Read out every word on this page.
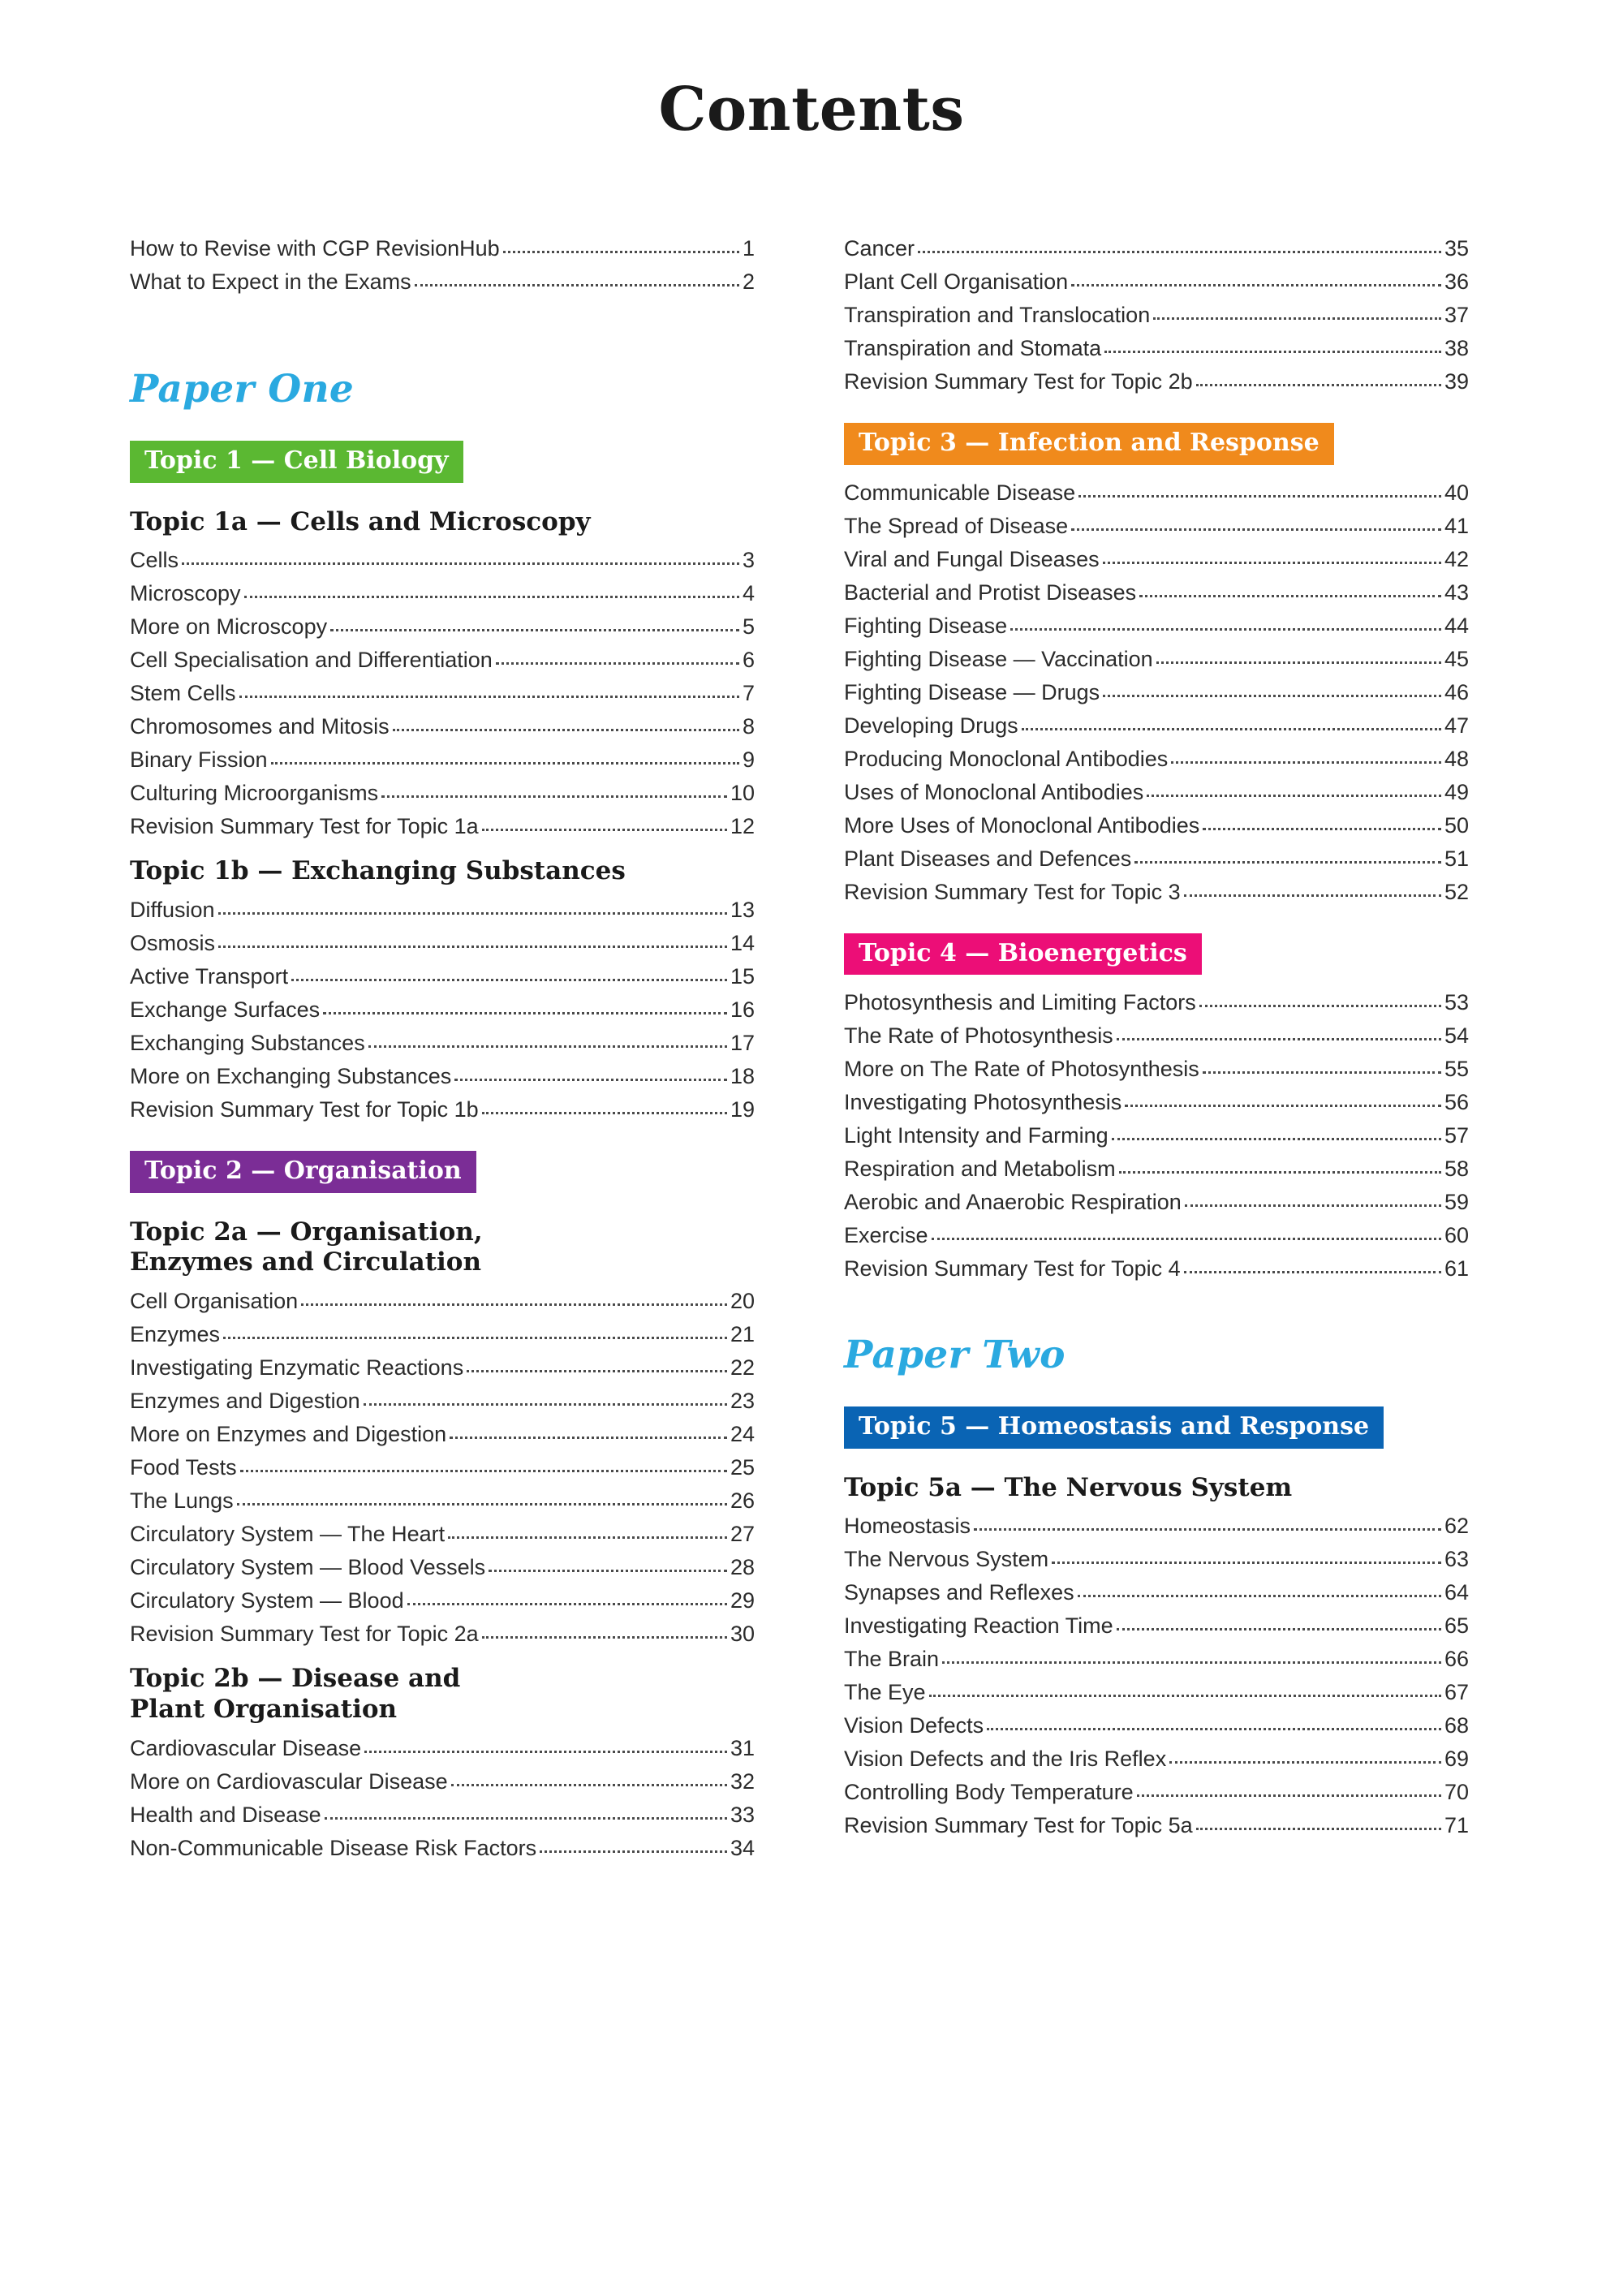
Contents
How to Revise with CGP RevisionHub	1
What to Expect in the Exams	2
Paper One
Topic 1 — Cell Biology
Topic 1a — Cells and Microscopy
Cells	3
Microscopy	4
More on Microscopy	5
Cell Specialisation and Differentiation	6
Stem Cells	7
Chromosomes and Mitosis	8
Binary Fission	9
Culturing Microorganisms	10
Revision Summary Test for Topic 1a	12
Topic 1b — Exchanging Substances
Diffusion	13
Osmosis	14
Active Transport	15
Exchange Surfaces	16
Exchanging Substances	17
More on Exchanging Substances	18
Revision Summary Test for Topic 1b	19
Topic 2 — Organisation
Topic 2a — Organisation,
Enzymes and Circulation
Cell Organisation	20
Enzymes	21
Investigating Enzymatic Reactions	22
Enzymes and Digestion	23
More on Enzymes and Digestion	24
Food Tests	25
The Lungs	26
Circulatory System — The Heart	27
Circulatory System — Blood Vessels	28
Circulatory System — Blood	29
Revision Summary Test for Topic 2a	30
Topic 2b — Disease and
Plant Organisation
Cardiovascular Disease	31
More on Cardiovascular Disease	32
Health and Disease	33
Non-Communicable Disease Risk Factors	34
Cancer	35
Plant Cell Organisation	36
Transpiration and Translocation	37
Transpiration and Stomata	38
Revision Summary Test for Topic 2b	39
Topic 3 — Infection and Response
Communicable Disease	40
The Spread of Disease	41
Viral and Fungal Diseases	42
Bacterial and Protist Diseases	43
Fighting Disease	44
Fighting Disease — Vaccination	45
Fighting Disease — Drugs	46
Developing Drugs	47
Producing Monoclonal Antibodies	48
Uses of Monoclonal Antibodies	49
More Uses of Monoclonal Antibodies	50
Plant Diseases and Defences	51
Revision Summary Test for Topic 3	52
Topic 4 — Bioenergetics
Photosynthesis and Limiting Factors	53
The Rate of Photosynthesis	54
More on The Rate of Photosynthesis	55
Investigating Photosynthesis	56
Light Intensity and Farming	57
Respiration and Metabolism	58
Aerobic and Anaerobic Respiration	59
Exercise	60
Revision Summary Test for Topic 4	61
Paper Two
Topic 5 — Homeostasis and Response
Topic 5a — The Nervous System
Homeostasis	62
The Nervous System	63
Synapses and Reflexes	64
Investigating Reaction Time	65
The Brain	66
The Eye	67
Vision Defects	68
Vision Defects and the Iris Reflex	69
Controlling Body Temperature	70
Revision Summary Test for Topic 5a	71
